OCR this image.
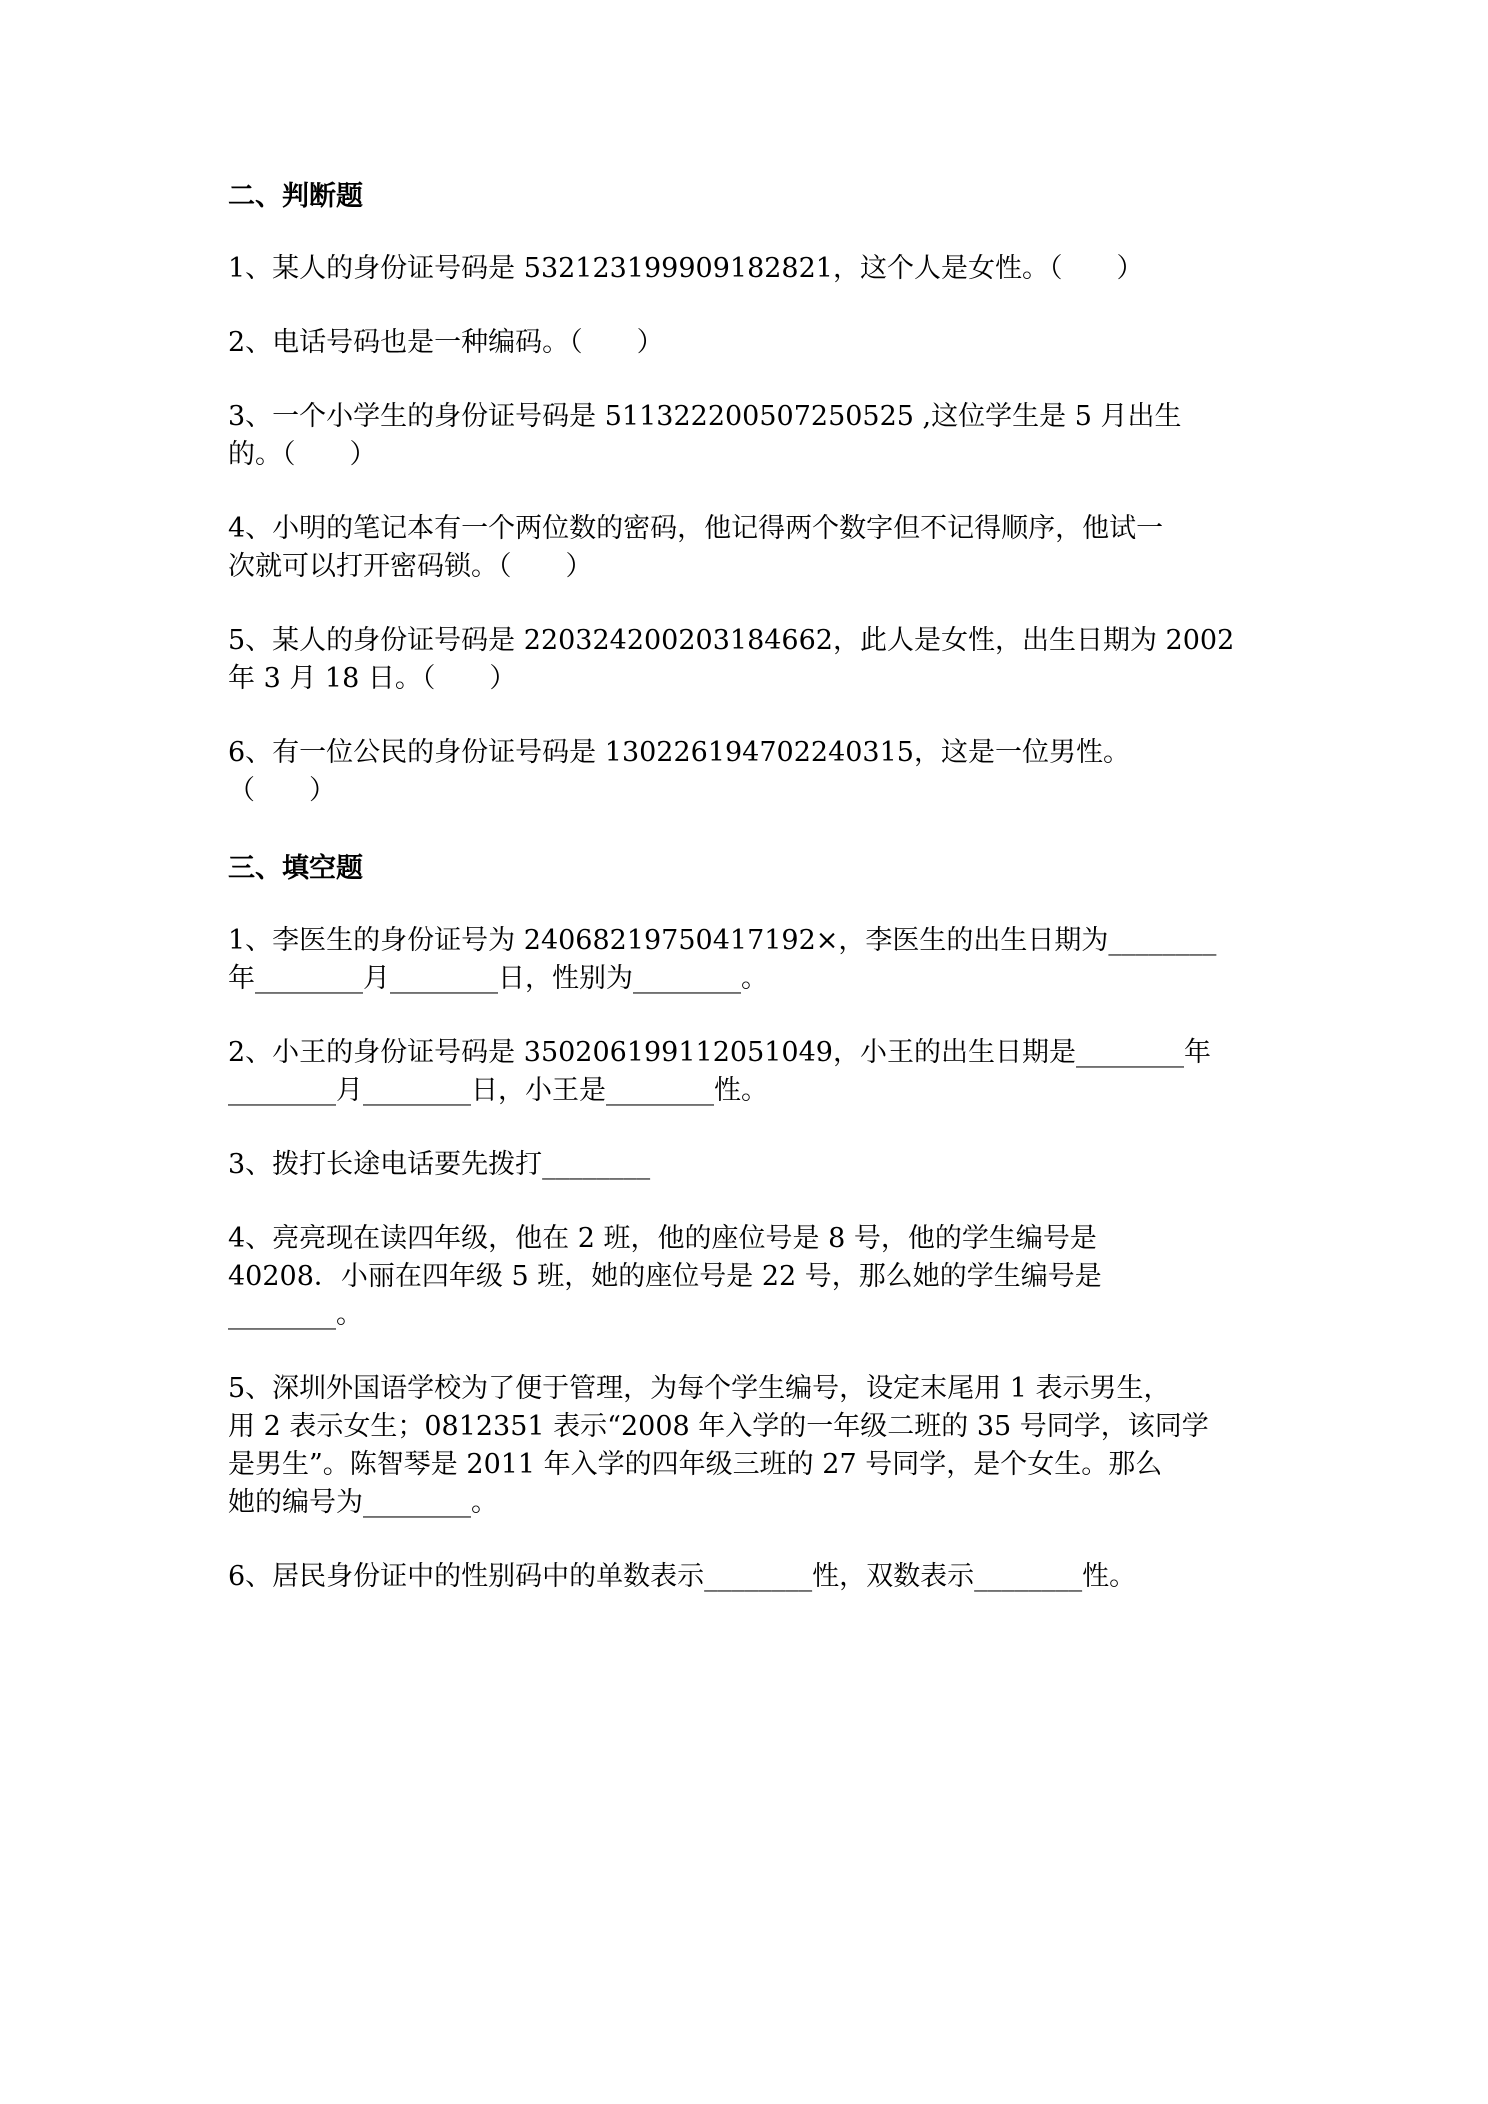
二、判断题
1、某人的身份证号码是 532123199909182821，这个人是女性。（　　）
2、电话号码也是一种编码。（　　）
3、一个小学生的身份证号码是 511322200507250525 ,这位学生是 5 月出生
的。（　　）
4、小明的笔记本有一个两位数的密码，他记得两个数字但不记得顺序，他试一
次就可以打开密码锁。（　　）
5、某人的身份证号码是 220324200203184662，此人是女性，出生日期为 2002
年 3 月 18 日。（　　）
6、有一位公民的身份证号码是 130226194702240315，这是一位男性。
（　　）
三、填空题
1、李医生的身份证号为 24068219750417192×，李医生的出生日期为________
年________月________日，性别为________。
2、小王的身份证号码是 350206199112051049，小王的出生日期是________年
________月________日，小王是________性。
3、拨打长途电话要先拨打________
4、亮亮现在读四年级，他在 2 班，他的座位号是 8 号，他的学生编号是
40208．小丽在四年级 5 班，她的座位号是 22 号，那么她的学生编号是
________。
5、深圳外国语学校为了便于管理，为每个学生编号，设定末尾用 1 表示男生，
用 2 表示女生；0812351 表示“2008 年入学的一年级二班的 35 号同学，该同学
是男生”。陈智琴是 2011 年入学的四年级三班的 27 号同学，是个女生。那么
她的编号为________。
6、居民身份证中的性别码中的单数表示________性，双数表示________性。
